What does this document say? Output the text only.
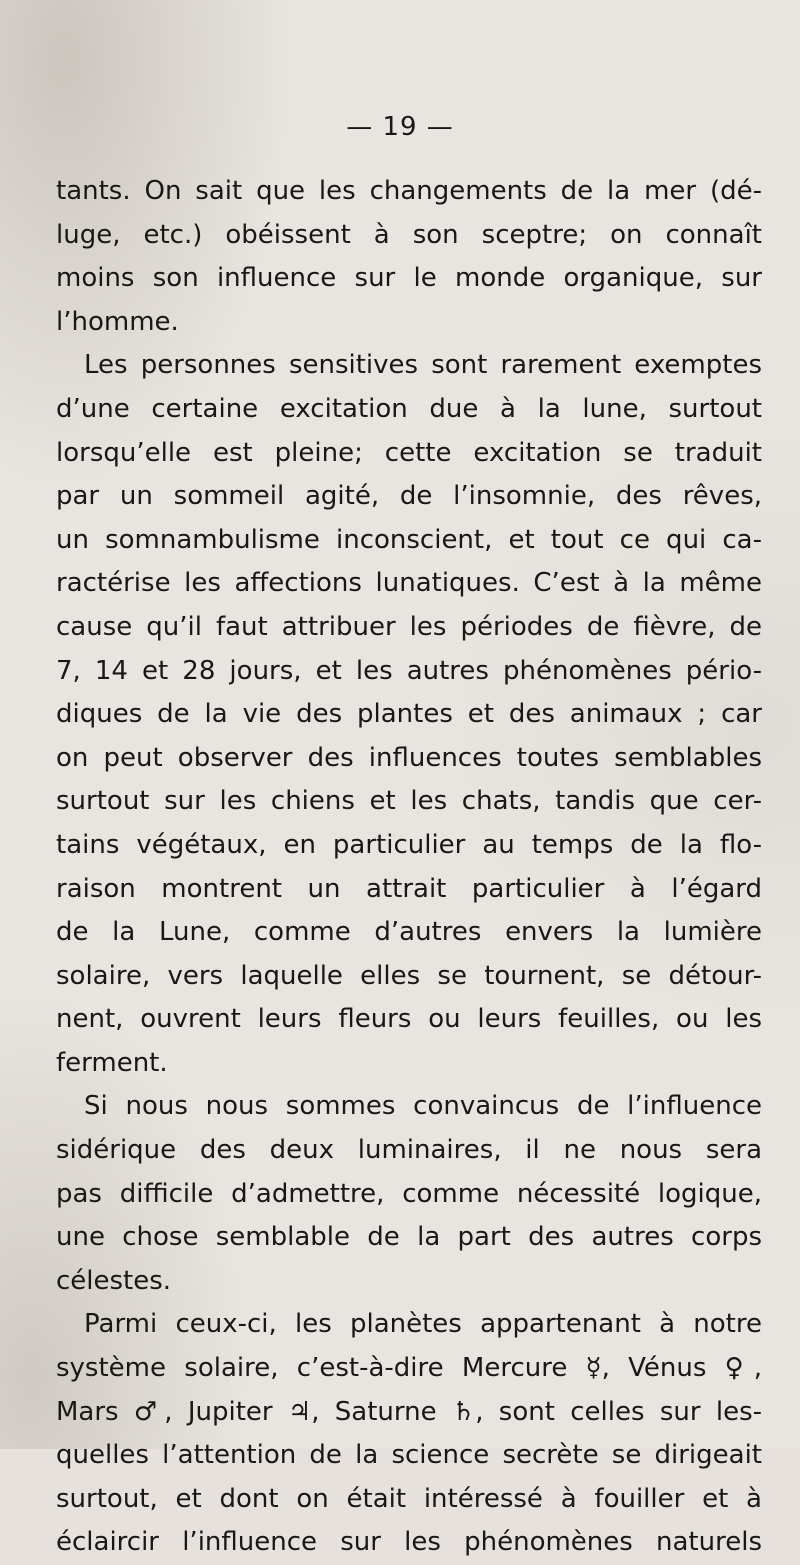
— 19 —
tants. On sait que les changements de la mer (dé-
luge, etc.) obéissent à son sceptre; on connaît
moins son influence sur le monde organique, sur
l’homme.
Les personnes sensitives sont rarement exemptes
d’une certaine excitation due à la lune, surtout
lorsqu’elle est pleine; cette excitation se traduit
par un sommeil agité, de l’insomnie, des rêves,
un somnambulisme inconscient, et tout ce qui ca-
ractérise les affections lunatiques. C’est à la même
cause qu’il faut attribuer les périodes de fièvre, de
7, 14 et 28 jours, et les autres phénomènes pério-
diques de la vie des plantes et des animaux ; car
on peut observer des influences toutes semblables
surtout sur les chiens et les chats, tandis que cer-
tains végétaux, en particulier au temps de la flo-
raison montrent un attrait particulier à l’égard
de la Lune, comme d’autres envers la lumière
solaire, vers laquelle elles se tournent, se détour-
nent, ouvrent leurs fleurs ou leurs feuilles, ou les
ferment.
Si nous nous sommes convaincus de l’influence
sidérique des deux luminaires, il ne nous sera
pas difficile d’admettre, comme nécessité logique,
une chose semblable de la part des autres corps
célestes.
Parmi ceux-ci, les planètes appartenant à notre
système solaire, c’est-à-dire Mercure ☿, Vénus ♀,
Mars ♂, Jupiter ♃, Saturne ♄, sont celles sur les-
quelles l’attention de la science secrète se dirigeait
surtout, et dont on était intéressé à fouiller et à
éclaircir l’influence sur les phénomènes naturels
